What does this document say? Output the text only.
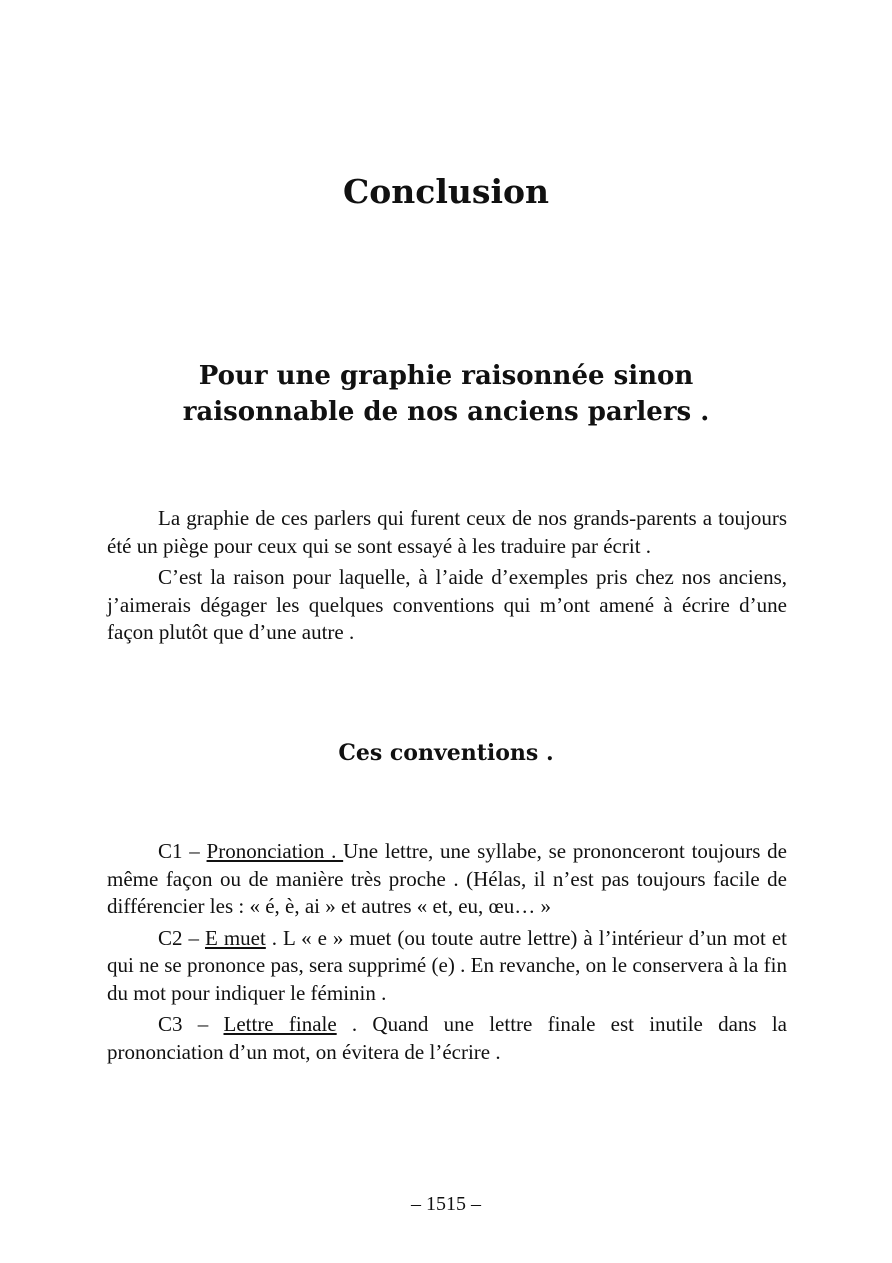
Conclusion
Pour une graphie raisonnée sinon raisonnable de nos anciens parlers .

La graphie de ces parlers qui furent ceux de nos grands-parents a toujours été un piège pour ceux qui se sont essayé à les traduire par écrit .

C’est la raison pour laquelle, à l’aide d’exemples pris chez nos anciens, j’aimerais dégager les quelques conventions qui m’ont amené à écrire d’une façon plutôt que d’une autre .

Ces conventions .

C1 – Prononciation . Une lettre, une syllabe, se prononceront toujours de même façon ou de manière très proche . (Hélas, il n’est pas toujours facile de différencier les : « é, è, ai » et autres « et, eu, œu… »

C2 – E muet . L « e » muet (ou toute autre lettre) à l’intérieur d’un mot et qui ne se prononce pas, sera supprimé (e) . En revanche, on le conservera à la fin du mot pour indiquer le féminin .

C3 – Lettre finale . Quand une lettre finale est inutile dans la prononciation d’un mot, on évitera de l’écrire .

– 1515 –
